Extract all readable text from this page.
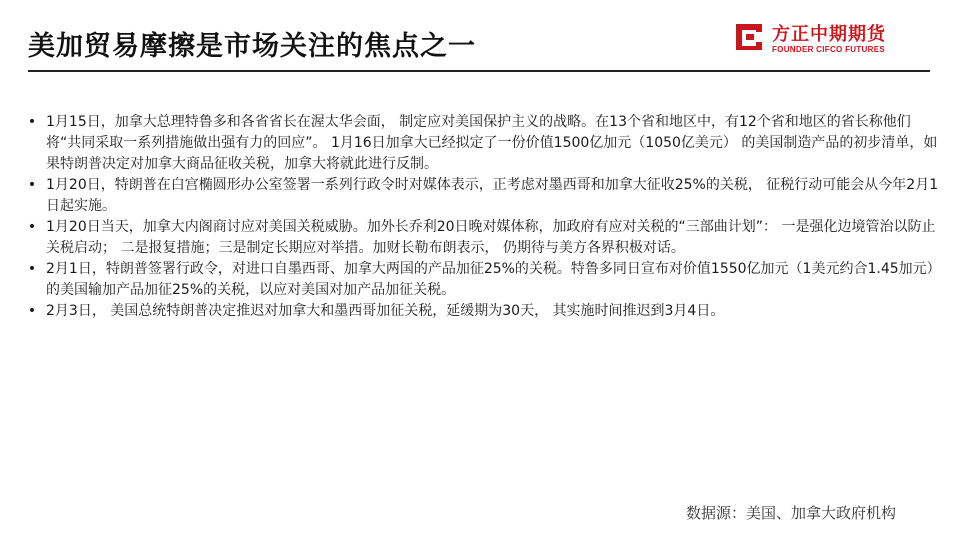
美加贸易摩擦是市场关注的焦点之一	方正中期期货
FOUNDER CIFCO FUTURES
• 1月15日，加拿大总理特鲁多和各省省长在渥太华会面， 制定应对美国保护主义的战略。在13个省和地区中，有12个省和地区的省长称他们将“共同采取一系列措施做出强有力的回应”。 1月16日加拿大已经拟定了一份价值1500亿加元（1050亿美元） 的美国制造产品的初步清单，如果特朗普决定对加拿大商品征收关税，加拿大将就此进行反制。
• 1月20日，特朗普在白宫椭圆形办公室签署一系列行政令时对媒体表示，正考虑对墨西哥和加拿大征收25%的关税， 征税行动可能会从今年2月1日起实施。
• 1月20日当天，加拿大内阁商讨应对美国关税威胁。加外长乔利20日晚对媒体称，加政府有应对关税的“三部曲计划”： 一是强化边境管治以防止关税启动； 二是报复措施；三是制定长期应对举措。加财长勒布朗表示， 仍期待与美方各界积极对话。
• 2月1日，特朗普签署行政令，对进口自墨西哥、加拿大两国的产品加征25%的关税。特鲁多同日宣布对价值1550亿加元（1美元约合1.45加元） 的美国输加产品加征25%的关税，以应对美国对加产品加征关税。
• 2月3日， 美国总统特朗普决定推迟对加拿大和墨西哥加征关税，延缓期为30天， 其实施时间推迟到3月4日。
数据源：美国、加拿大政府机构
